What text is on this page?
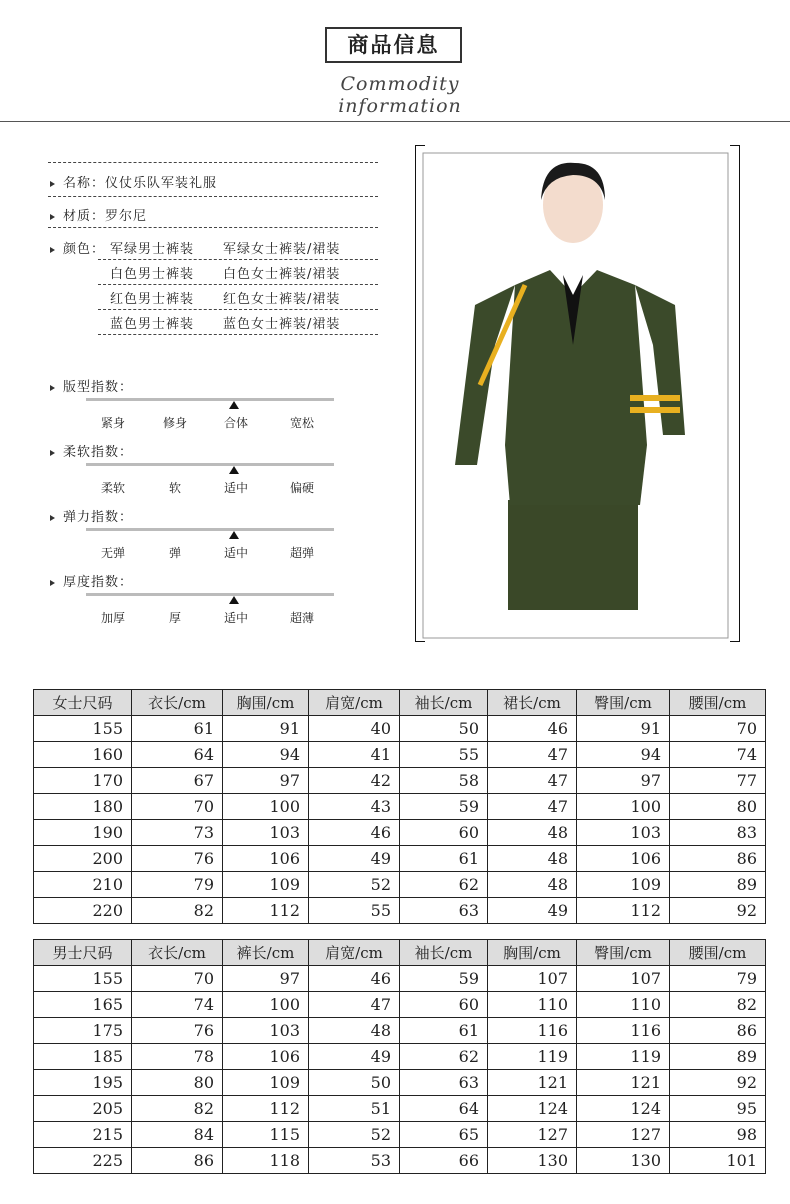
商品信息
Commodity information
名称：仪仗乐队军装礼服
材质：罗尔尼
颜色： 军绿男士裤装 军绿女士裤装/裙装
白色男士裤装 白色女士裤装/裙装
红色男士裤装 红色女士裤装/裙装
蓝色男士裤装 蓝色女士裤装/裙装
版型指数：
紧身	修身	合体	宽松
柔软指数：
柔软	软	适中	偏硬
弹力指数：
无弹	弹	适中	超弹
厚度指数：
加厚	厚	适中	超薄
女士尺码	衣长/cm	胸围/cm	肩宽/cm	袖长/cm	裙长/cm	臀围/cm	腰围/cm
155	61	91	40	50	46	91	70
160	64	94	41	55	47	94	74
170	67	97	42	58	47	97	77
180	70	100	43	59	47	100	80
190	73	103	46	60	48	103	83
200	76	106	49	61	48	106	86
210	79	109	52	62	48	109	89
220	82	112	55	63	49	112	92
男士尺码	衣长/cm	裤长/cm	肩宽/cm	袖长/cm	胸围/cm	臀围/cm	腰围/cm
155	70	97	46	59	107	107	79
165	74	100	47	60	110	110	82
175	76	103	48	61	116	116	86
185	78	106	49	62	119	119	89
195	80	109	50	63	121	121	92
205	82	112	51	64	124	124	95
215	84	115	52	65	127	127	98
225	86	118	53	66	130	130	101
